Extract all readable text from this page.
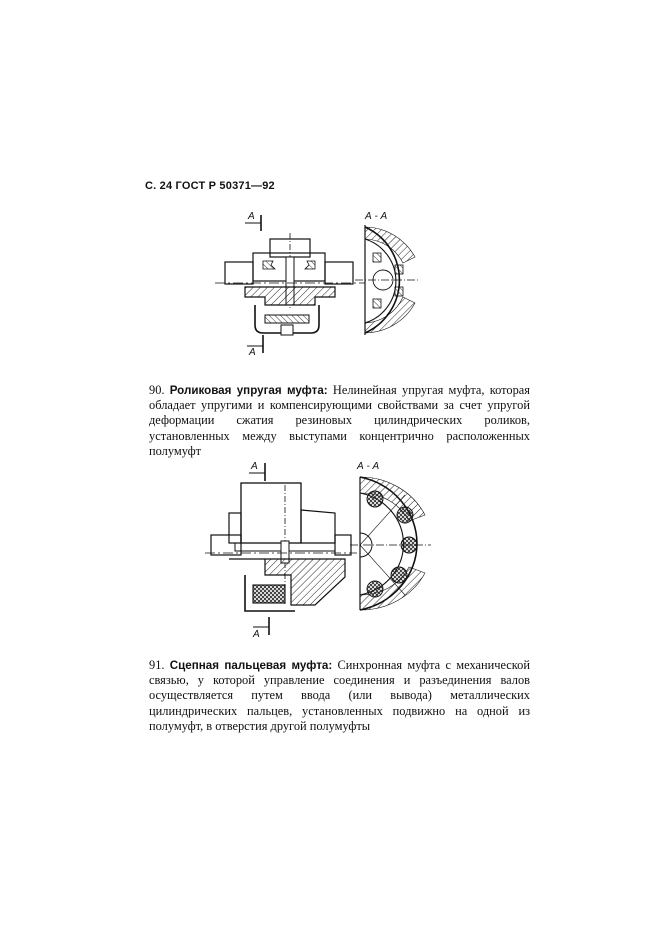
С. 24 ГОСТ Р 50371—92
А
А
А - А

90. Роликовая упругая муфта: Нелинейная упругая муфта, которая обладает упругими и компенсирующими свойствами за счет упругой деформации сжатия резиновых цилиндрических роликов, установленных между выступами концентрично расположенных полумуфт

А
А
А - А

91. Сцепная пальцевая муфта: Синхронная муфта с механической связью, у которой управление соединения и разъединения валов осуществляется путем ввода (или вывода) металлических цилиндрических пальцев, установленных подвижно на одной из полумуфт, в отверстия другой полумуфты
